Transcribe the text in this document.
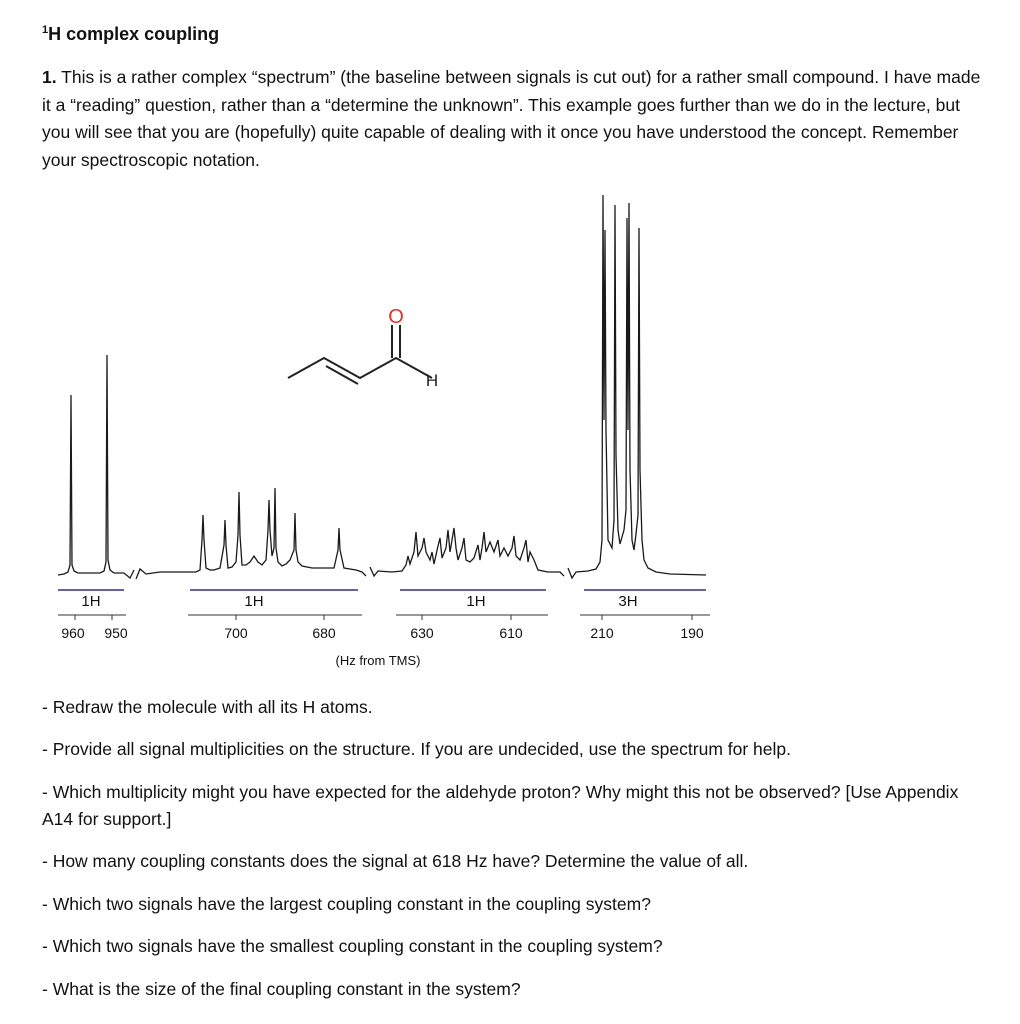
$^1$H complex coupling
1. This is a rather complex “spectrum” (the baseline between signals is cut out) for a rather small compound. I have made it a “reading” question, rather than a “determine the unknown”. This example goes further than we do in the lecture, but you will see that you are (hopefully) quite capable of dealing with it once you have understood the concept. Remember your spectroscopic notation.
O
H
1H	1H	1H	3H
960 950	700	680	630	610	210	190
(Hz from TMS)
- Redraw the molecule with all its H atoms.
- Provide all signal multiplicities on the structure. If you are undecided, use the spectrum for help.
- Which multiplicity might you have expected for the aldehyde proton? Why might this not be observed? [Use Appendix A14 for support.]
- How many coupling constants does the signal at 618 Hz have? Determine the value of all.
- Which two signals have the largest coupling constant in the coupling system?
- Which two signals have the smallest coupling constant in the coupling system?
- What is the size of the final coupling constant in the system?
